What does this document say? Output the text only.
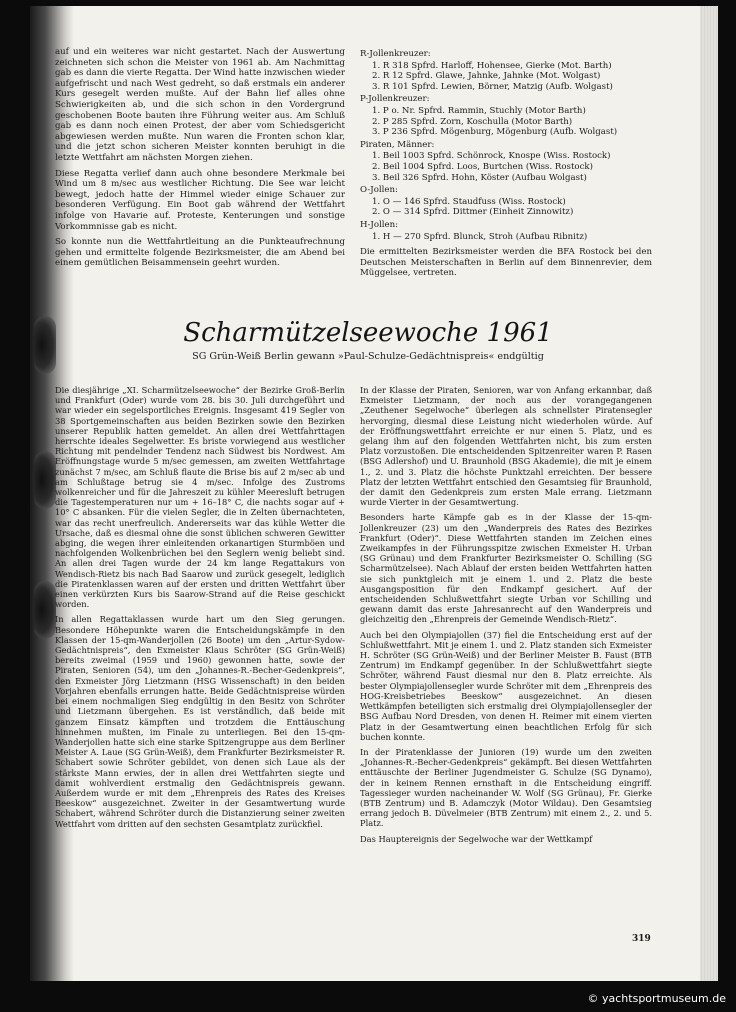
auf und ein weiteres war nicht gestartet. Nach der Auswertung zeichneten sich schon die Meister von 1961 ab. Am Nachmittag gab es dann die vierte Regatta. Der Wind hatte inzwischen wieder aufgefrischt und nach West gedreht, so daß erstmals ein anderer Kurs gesegelt werden mußte. Auf der Bahn lief alles ohne Schwierigkeiten ab, und die sich schon in den Vordergrund geschobenen Boote bauten ihre Führung weiter aus. Am Schluß gab es dann noch einen Protest, der aber vom Schiedsgericht abgewiesen werden mußte. Nun waren die Fronten schon klar, und die jetzt schon sicheren Meister konnten beruhigt in die letzte Wettfahrt am nächsten Morgen ziehen.

Diese Regatta verlief dann auch ohne besondere Merkmale bei Wind um 8 m/sec aus westlicher Richtung. Die See war leicht bewegt, jedoch hatte der Himmel wieder einige Schauer zur besonderen Verfügung. Ein Boot gab während der Wettfahrt infolge von Havarie auf. Proteste, Kenterungen und sonstige Vorkommnisse gab es nicht.

So konnte nun die Wettfahrtleitung an die Punkteaufrechnung gehen und ermittelte folgende Bezirksmeister, die am Abend bei einem gemütlichen Beisammensein geehrt wurden.

R-Jollenkreuzer:
1. R 318 Spfrd. Harloff, Hohensee, Gierke (Mot. Barth)
2. R 12 Spfrd. Glawe, Jahnke, Jahnke (Mot. Wolgast)
3. R 101 Spfrd. Lewien, Börner, Matzig (Aufb. Wolgast)
P-Jollenkreuzer:
1. P o. Nr. Spfrd. Rammin, Stuchly (Motor Barth)
2. P 285 Spfrd. Zorn, Koschulla (Motor Barth)
3. P 236 Spfrd. Mögenburg, Mögenburg (Aufb. Wolgast)
Piraten, Männer:
1. Beil 1003 Spfrd. Schönrock, Knospe (Wiss. Rostock)
2. Beil 1004 Spfrd. Loos, Burtchen (Wiss. Rostock)
3. Beil 326 Spfrd. Hohn, Köster (Aufbau Wolgast)
O-Jollen:
1. O — 146 Spfrd. Staudfuss (Wiss. Rostock)
2. O — 314 Spfrd. Dittmer (Einheit Zinnowitz)
H-Jollen:
1. H — 270 Spfrd. Blunck, Stroh (Aufbau Ribnitz)

Die ermittelten Bezirksmeister werden die BFA Rostock bei den Deutschen Meisterschaften in Berlin auf dem Binnenrevier, dem Müggelsee, vertreten.

Scharmützelseewoche 1961
SG Grün-Weiß Berlin gewann »Paul-Schulze-Gedächtnispreis« endgültig

Die diesjährige „XI. Scharmützelseewoche“ der Bezirke Groß-Berlin und Frankfurt (Oder) wurde vom 28. bis 30. Juli durchgeführt und war wieder ein segelsportliches Ereignis. Insgesamt 419 Segler von 38 Sportgemeinschaften aus beiden Bezirken sowie den Bezirken unserer Republik hatten gemeldet. An allen drei Wettfahrttagen herrschte ideales Segelwetter. Es briste vorwiegend aus westlicher Richtung mit pendelnder Tendenz nach Südwest bis Nordwest. Am Eröffnungstage wurde 5 m/sec gemessen, am zweiten Wettfahrtage zunächst 7 m/sec, am Schluß flaute die Brise bis auf 2 m/sec ab und am Schlußtage betrug sie 4 m/sec. Infolge des Zustroms wolkenreicher und für die Jahreszeit zu kühler Meeresluft betrugen die Tagestemperaturen nur um + 16–18° C, die nachts sogar auf + 10° C absanken. Für die vielen Segler, die in Zelten übernachteten, war das recht unerfreulich. Andererseits war das kühle Wetter die Ursache, daß es diesmal ohne die sonst üblichen schweren Gewitter abging, die wegen ihrer einleitenden orkanartigen Sturmböen und nachfolgenden Wolkenbrüchen bei den Seglern wenig beliebt sind. An allen drei Tagen wurde der 24 km lange Regattakurs von Wendisch-Rietz bis nach Bad Saarow und zurück gesegelt, lediglich die Piratenklassen waren auf der ersten und dritten Wettfahrt über einen verkürzten Kurs bis Saarow-Strand auf die Reise geschickt worden.

In allen Regattaklassen wurde hart um den Sieg gerungen. Besondere Höhepunkte waren die Entscheidungskämpfe in den Klassen der 15-qm-Wanderjollen (26 Boote) um den „Artur-Sydow-Gedächtnispreis“, den Exmeister Klaus Schröter (SG Grün-Weiß) bereits zweimal (1959 und 1960) gewonnen hatte, sowie der Piraten, Senioren (54), um den „Johannes-R.-Becher-Gedenkpreis“, den Exmeister Jörg Lietzmann (HSG Wissenschaft) in den beiden Vorjahren ebenfalls errungen hatte. Beide Gedächtnispreise würden bei einem nochmaligen Sieg endgültig in den Besitz von Schröter und Lietzmann übergehen. Es ist verständlich, daß beide mit ganzem Einsatz kämpften und trotzdem die Enttäuschung hinnehmen mußten, im Finale zu unterliegen. Bei den 15-qm-Wanderjollen hatte sich eine starke Spitzengruppe aus dem Berliner Meister A. Laue (SG Grün-Weiß), dem Frankfurter Bezirksmeister R. Schabert sowie Schröter gebildet, von denen sich Laue als der stärkste Mann erwies, der in allen drei Wettfahrten siegte und damit wohlverdient erstmalig den Gedächtnispreis gewann. Außerdem wurde er mit dem „Ehrenpreis des Rates des Kreises Beeskow“ ausgezeichnet. Zweiter in der Gesamtwertung wurde Schabert, während Schröter durch die Distanzierung seiner zweiten Wettfahrt vom dritten auf den sechsten Gesamtplatz zurückfiel.

In der Klasse der Piraten, Senioren, war von Anfang erkannbar, daß Exmeister Lietzmann, der noch aus der vorangegangenen „Zeuthener Segelwoche“ überlegen als schnellster Piratensegler hervorging, diesmal diese Leistung nicht wiederholen würde. Auf der Eröffnungswettfahrt erreichte er nur einen 5. Platz, und es gelang ihm auf den folgenden Wettfahrten nicht, bis zum ersten Platz vorzustoßen. Die entscheidenden Spitzenreiter waren P. Rasen (BSG Adlershof) und U. Braunhold (BSG Akademie), die mit je einem 1., 2. und 3. Platz die höchste Punktzahl erreichten. Der bessere Platz der letzten Wettfahrt entschied den Gesamtsieg für Braunhold, der damit den Gedenkpreis zum ersten Male errang. Lietzmann wurde Vierter in der Gesamtwertung.

Besonders harte Kämpfe gab es in der Klasse der 15-qm-Jollenkreuzer (23) um den „Wanderpreis des Rates des Bezirkes Frankfurt (Oder)“. Diese Wettfahrten standen im Zeichen eines Zweikampfes in der Führungsspitze zwischen Exmeister H. Urban (SG Grünau) und dem Frankfurter Bezirksmeister O. Schilling (SG Scharmützelsee). Nach Ablauf der ersten beiden Wettfahrten hatten sie sich punktgleich mit je einem 1. und 2. Platz die beste Ausgangsposition für den Endkampf gesichert. Auf der entscheidenden Schlußwettfahrt siegte Urban vor Schilling und gewann damit das erste Jahresanrecht auf den Wanderpreis und gleichzeitig den „Ehrenpreis der Gemeinde Wendisch-Rietz“.

Auch bei den Olympiajollen (37) fiel die Entscheidung erst auf der Schlußwettfahrt. Mit je einem 1. und 2. Platz standen sich Exmeister H. Schröter (SG Grün-Weiß) und der Berliner Meister B. Faust (BTB Zentrum) im Endkampf gegenüber. In der Schlußwettfahrt siegte Schröter, während Faust diesmal nur den 8. Platz erreichte. Als bester Olympiajollensegler wurde Schröter mit dem „Ehrenpreis des HOG-Kreisbetriebes Beeskow“ ausgezeichnet. An diesen Wettkämpfen beteiligten sich erstmalig drei Olympiajollensegler der BSG Aufbau Nord Dresden, von denen H. Reimer mit einem vierten Platz in der Gesamtwertung einen beachtlichen Erfolg für sich buchen konnte.

In der Piratenklasse der Junioren (19) wurde um den zweiten „Johannes-R.-Becher-Gedenkpreis“ gekämpft. Bei diesen Wettfahrten enttäuschte der Berliner Jugendmeister G. Schulze (SG Dynamo), der in keinem Rennen ernsthaft in die Entscheidung eingriff. Tagessieger wurden nacheinander W. Wolf (SG Grünau), Fr. Gierke (BTB Zentrum) und B. Adamczyk (Motor Wildau). Den Gesamtsieg errang jedoch B. Düvelmeier (BTB Zentrum) mit einem 2., 2. und 5. Platz.

Das Hauptereignis der Segelwoche war der Wettkampf

319
© yachtsportmuseum.de
